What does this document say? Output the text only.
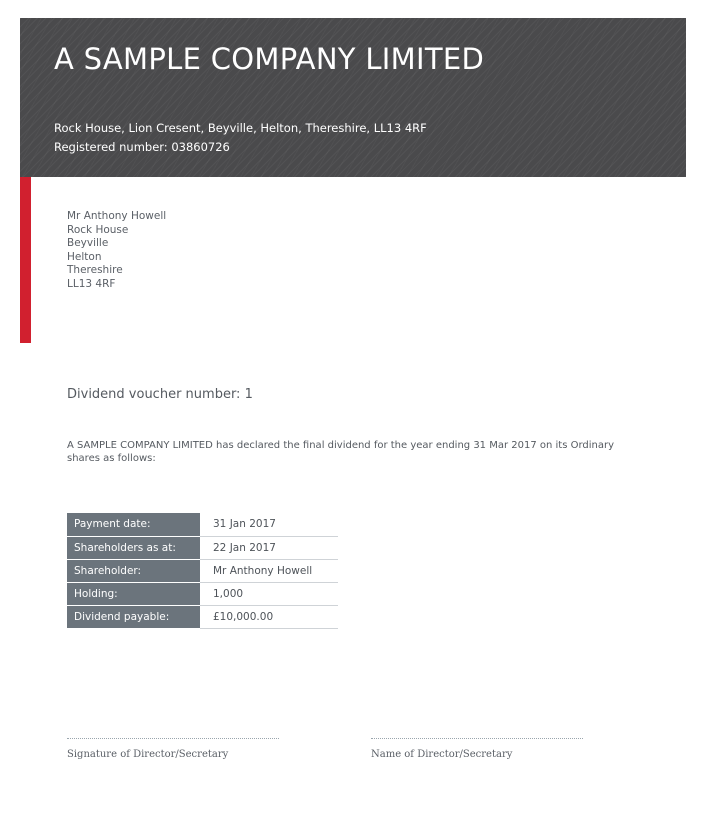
A SAMPLE COMPANY LIMITED
Rock House, Lion Cresent, Beyville, Helton, Thereshire, LL13 4RF
Registered number: 03860726
Mr Anthony Howell
Rock House
Beyville
Helton
Thereshire
LL13 4RF
Dividend voucher number: 1
A SAMPLE COMPANY LIMITED has declared the final dividend for the year ending 31 Mar 2017 on its Ordinary shares as follows:
Payment date:	31 Jan 2017
Shareholders as at:	22 Jan 2017
Shareholder:	Mr Anthony Howell
Holding:	1,000
Dividend payable:	£10,000.00
Signature of Director/Secretary	Name of Director/Secretary
